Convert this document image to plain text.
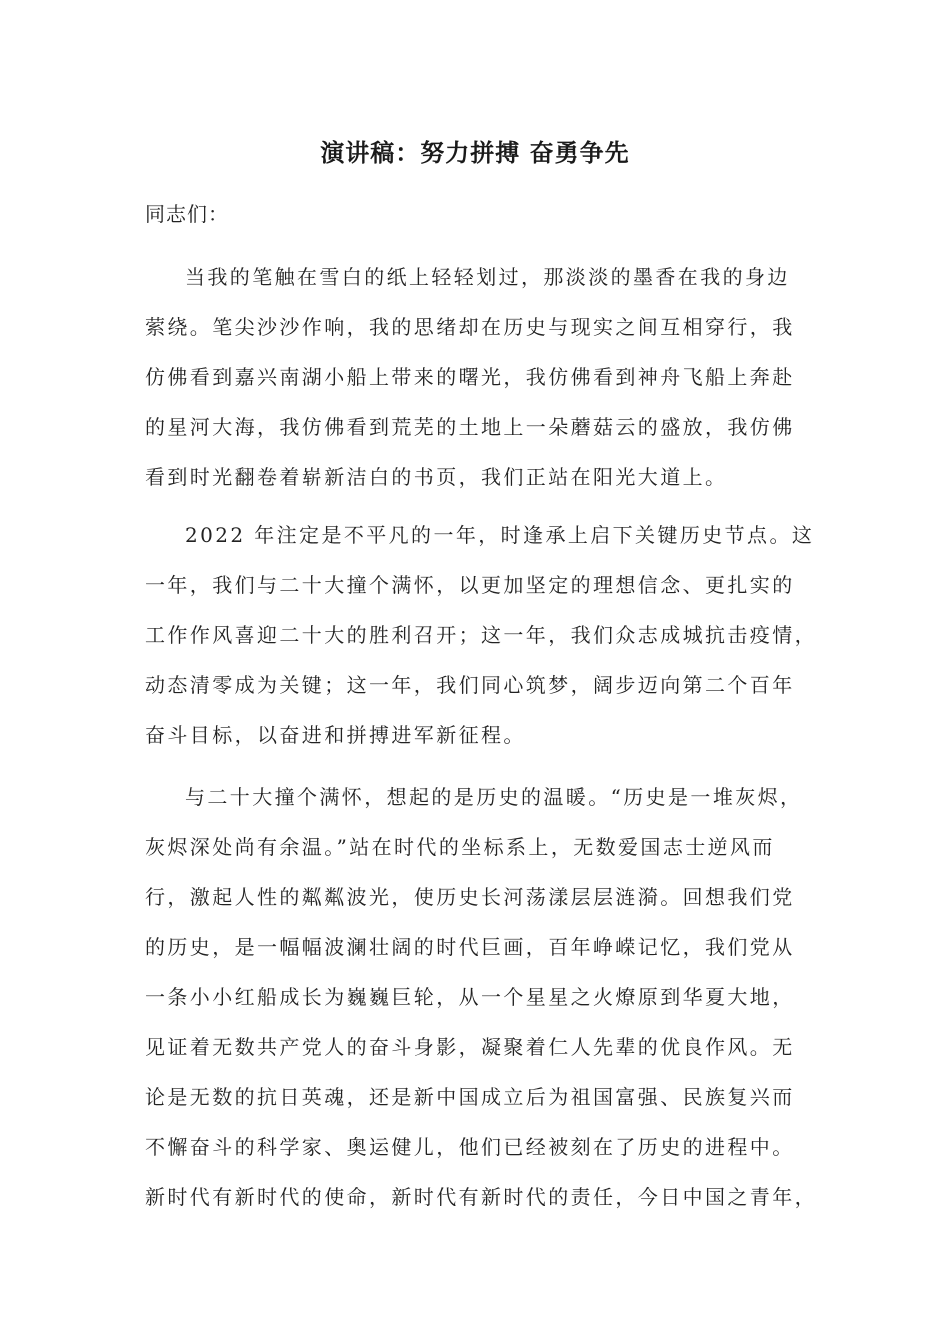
演讲稿：努力拼搏 奋勇争先
同志们：
当我的笔触在雪白的纸上轻轻划过，那淡淡的墨香在我的身边
萦绕。笔尖沙沙作响，我的思绪却在历史与现实之间互相穿行，我
仿佛看到嘉兴南湖小船上带来的曙光，我仿佛看到神舟飞船上奔赴
的星河大海，我仿佛看到荒芜的土地上一朵蘑菇云的盛放，我仿佛
看到时光翻卷着崭新洁白的书页，我们正站在阳光大道上。
2022 年注定是不平凡的一年，时逢承上启下关键历史节点。这
一年，我们与二十大撞个满怀，以更加坚定的理想信念、更扎实的
工作作风喜迎二十大的胜利召开；这一年，我们众志成城抗击疫情，
动态清零成为关键；这一年，我们同心筑梦，阔步迈向第二个百年
奋斗目标，以奋进和拼搏进军新征程。
与二十大撞个满怀，想起的是历史的温暖。“历史是一堆灰烬，
灰烬深处尚有余温。”站在时代的坐标系上，无数爱国志士逆风而
行，激起人性的粼粼波光，使历史长河荡漾层层涟漪。回想我们党
的历史，是一幅幅波澜壮阔的时代巨画，百年峥嵘记忆，我们党从
一条小小红船成长为巍巍巨轮，从一个星星之火燎原到华夏大地，
见证着无数共产党人的奋斗身影，凝聚着仁人先辈的优良作风。无
论是无数的抗日英魂，还是新中国成立后为祖国富强、民族复兴而
不懈奋斗的科学家、奥运健儿，他们已经被刻在了历史的进程中。
新时代有新时代的使命，新时代有新时代的责任，今日中国之青年，
